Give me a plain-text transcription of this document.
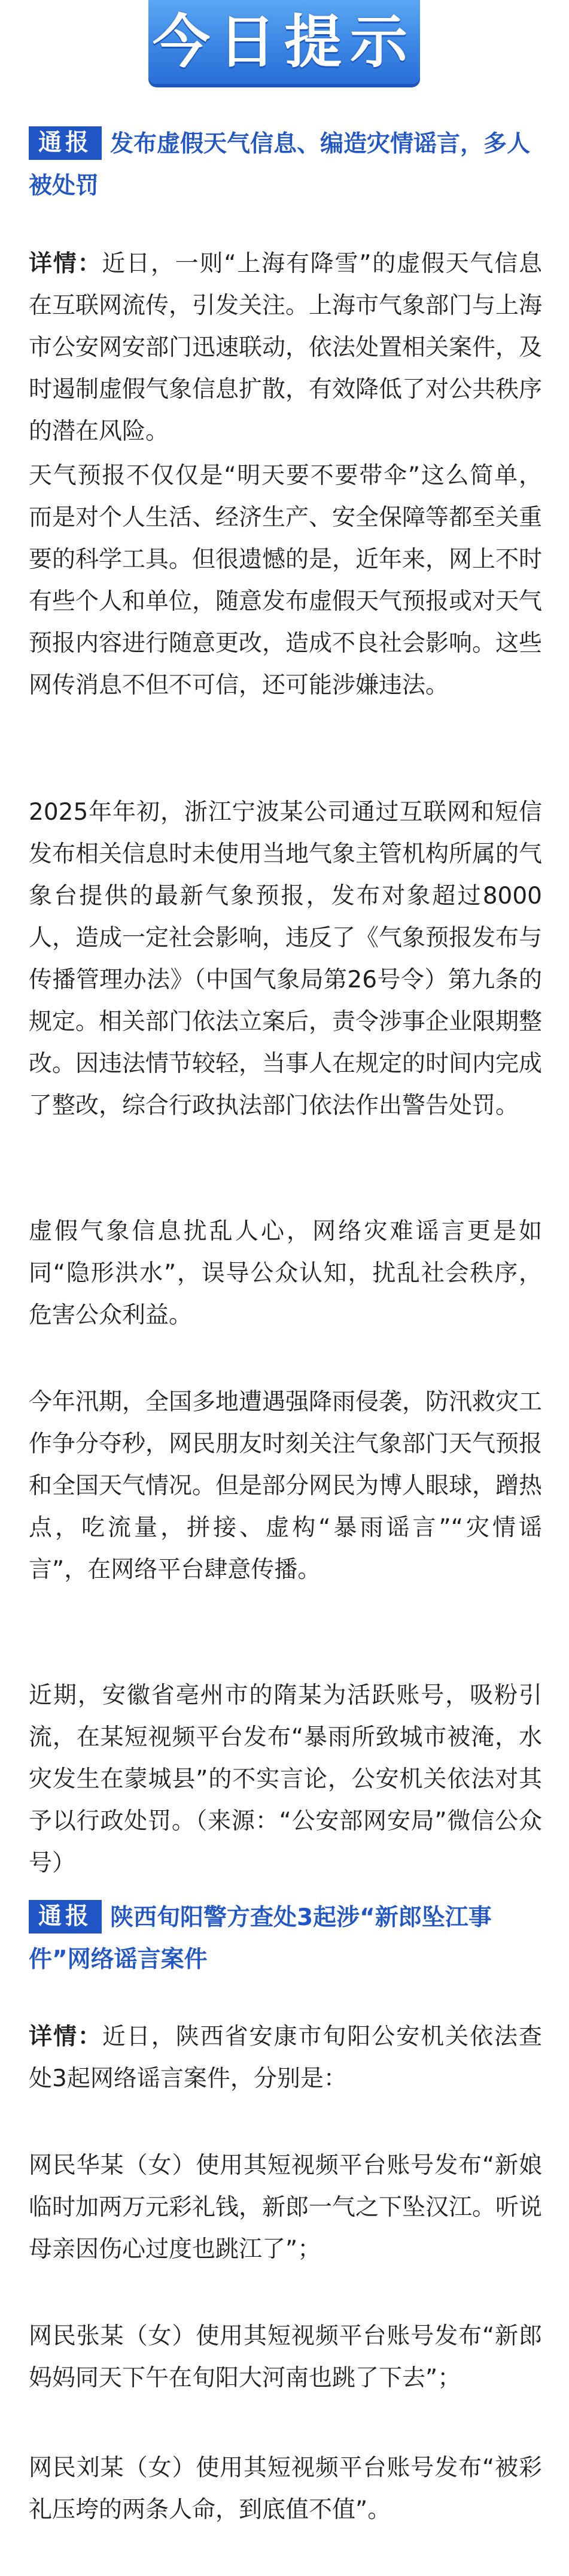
今日提示
通报 发布虚假天气信息、编造灾情谣言，多人被处罚

详情：近日，一则“上海有降雪”的虚假天气信息在互联网流传，引发关注。上海市气象部门与上海市公安网安部门迅速联动，依法处置相关案件，及时遏制虚假气象信息扩散，有效降低了对公共秩序的潜在风险。

天气预报不仅仅是“明天要不要带伞”这么简单，而是对个人生活、经济生产、安全保障等都至关重要的科学工具。但很遗憾的是，近年来，网上不时有些个人和单位，随意发布虚假天气预报或对天气预报内容进行随意更改，造成不良社会影响。这些网传消息不但不可信，还可能涉嫌违法。

2025年年初，浙江宁波某公司通过互联网和短信发布相关信息时未使用当地气象主管机构所属的气象台提供的最新气象预报，发布对象超过8000人，造成一定社会影响，违反了《气象预报发布与传播管理办法》（中国气象局第26号令）第九条的规定。相关部门依法立案后，责令涉事企业限期整改。因违法情节较轻，当事人在规定的时间内完成了整改，综合行政执法部门依法作出警告处罚。

虚假气象信息扰乱人心，网络灾难谣言更是如同“隐形洪水”，误导公众认知，扰乱社会秩序，危害公众利益。

今年汛期，全国多地遭遇强降雨侵袭，防汛救灾工作争分夺秒，网民朋友时刻关注气象部门天气预报和全国天气情况。但是部分网民为博人眼球，蹭热点，吃流量，拼接、虚构“暴雨谣言”“灾情谣言”，在网络平台肆意传播。

近期，安徽省亳州市的隋某为活跃账号，吸粉引流，在某短视频平台发布“暴雨所致城市被淹，水灾发生在蒙城县”的不实言论，公安机关依法对其予以行政处罚。（来源：“公安部网安局”微信公众号）

通报 陕西旬阳警方查处3起涉“新郎坠江事件”网络谣言案件

详情：近日，陕西省安康市旬阳公安机关依法查处3起网络谣言案件，分别是：

网民华某（女）使用其短视频平台账号发布“新娘临时加两万元彩礼钱，新郎一气之下坠汉江。听说母亲因伤心过度也跳江了”；

网民张某（女）使用其短视频平台账号发布“新郎妈妈同天下午在旬阳大河南也跳了下去”；

网民刘某（女）使用其短视频平台账号发布“被彩礼压垮的两条人命，到底值不值”。
